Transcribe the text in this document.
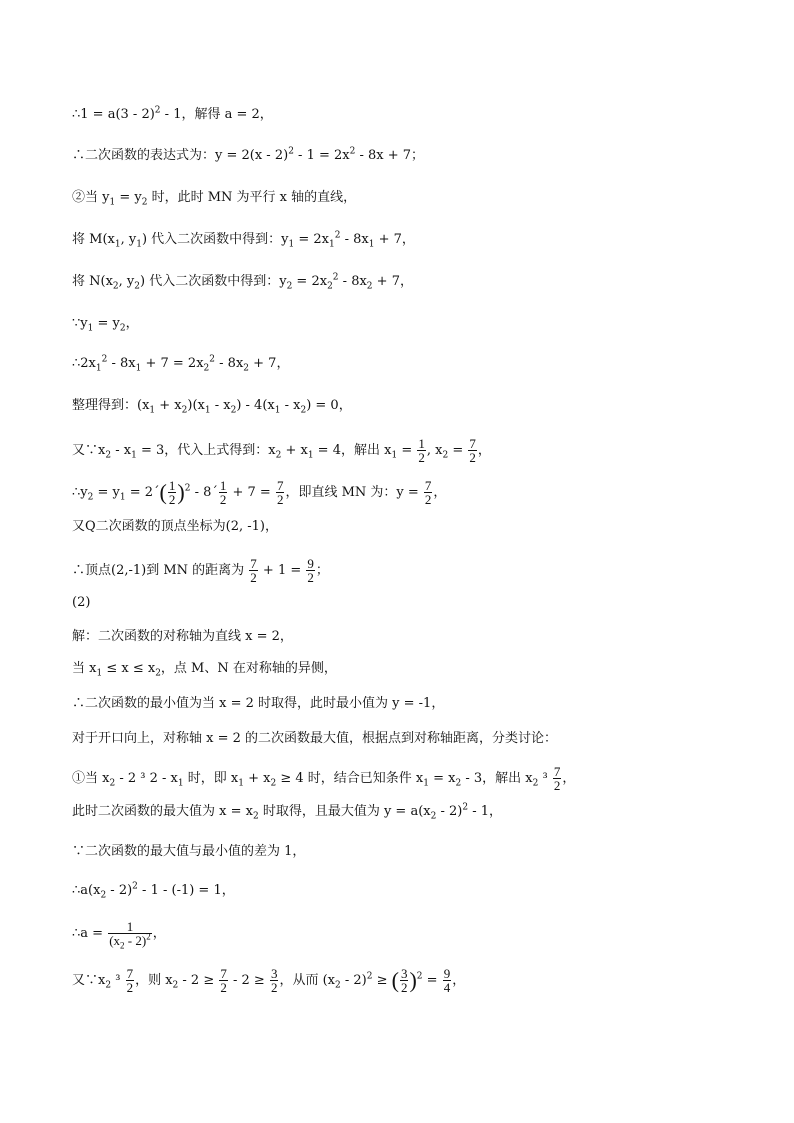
∴1 = a(3 - 2)$^2$ - 1，解得 a = 2，
∴二次函数的表达式为：$y = 2(x - 2)^2 - 1 = 2x^2 - 8x + 7$；
②当 $y_1 = y_2$ 时，此时 MN 为平行 x 轴的直线，
将 $M(x_1$, $y_1$) 代入二次函数中得到：$y_1 = 2x_1^2 - 8x_1 + 7$，
将 $N(x_2$, $y_2$) 代入二次函数中得到：$y_2 = 2x_2^2 - 8x_2 + 7$，
$\because y_1 = y_2$，
$\therefore 2x_1^2 - 8x_1 + 7 = 2x_2^2 - 8x_2 + 7$，
整理得到：$(x_1 + x_2)(x_1 - x_2) - 4(x_1 - x_2) = 0$，
又$\because x_2 - x_1 = 3$，代入上式得到：$x_2 + x_1 = 4$，解出 $x_1 = \frac{1}{2}$ , $x_2 = \frac{7}{2}$ ，
$\therefore y_2 = y_1$ = 2´( $\frac{1}{2} )^2$ - 8´ $\frac{1}{2} + 7 = \frac{7}{2}$ ，即直线 MN 为：$y = \frac{7}{2}$ ，
又Q二次函数的顶点坐标为(2, -1)，
∴顶点(2,-1)到 MN 的距离为 $\frac{7}{2} + 1 = \frac{9}{2}$ ；
(2)
解：二次函数的对称轴为直线 x = 2，
当 $x_1 \le x \le x_2$，点 M、N 在对称轴的异侧，
∴二次函数的最小值为当 x = 2 时取得，此时最小值为 y = -1，
对于开口向上，对称轴 x = 2 的二次函数最大值，根据点到对称轴距离，分类讨论：
①当 $x_2 - 2$ ³ $2 - x_1$ 时，即 $x_1 + x_2 \ge 4$ 时，结合已知条件 $x_1 = x_2 - 3$，解出 $x_2$ $^3 \frac{7}{2}$ ，
此时二次函数的最大值为 $x = x_2$ 时取得，且最大值为 $y = a(x_2 - 2)^2 - 1$，
∵二次函数的最大值与最小值的差为 1，
$\therefore a(x_2 - 2)^2 - 1 - (-1) = 1$，
∴a = $\frac{1}{(x_2 - 2)^2}$ ，
又$\because x_2$ $^3 \frac{7}{2}$ ，则 $x_2 - 2 \ge \frac{7}{2} - 2 \ge \frac{3}{2}$ ，从而 $(x_2 - 2)^2$ ≥ ( $\frac{3}{2} )^2 = \frac{9}{4}$ ，
